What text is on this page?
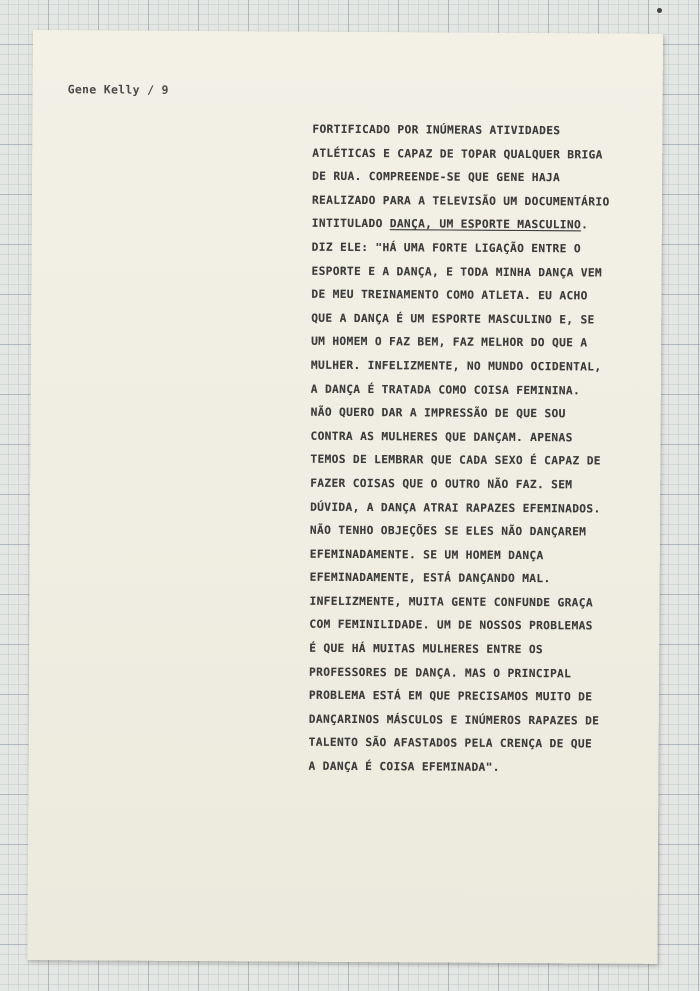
Gene Kelly / 9
FORTIFICADO POR INÚMERAS ATIVIDADES
ATLÉTICAS E CAPAZ DE TOPAR QUALQUER BRIGA
DE RUA. COMPREENDE-SE QUE GENE HAJA
REALIZADO PARA A TELEVISÃO UM DOCUMENTÁRIO
INTITULADO DANÇA, UM ESPORTE MASCULINO.
DIZ ELE: "HÁ UMA FORTE LIGAÇÃO ENTRE O
ESPORTE E A DANÇA, E TODA MINHA DANÇA VEM
DE MEU TREINAMENTO COMO ATLETA. EU ACHO
QUE A DANÇA É UM ESPORTE MASCULINO E, SE
UM HOMEM O FAZ BEM, FAZ MELHOR DO QUE A
MULHER. INFELIZMENTE, NO MUNDO OCIDENTAL,
A DANÇA É TRATADA COMO COISA FEMININA.
NÃO QUERO DAR A IMPRESSÃO DE QUE SOU
CONTRA AS MULHERES QUE DANÇAM. APENAS
TEMOS DE LEMBRAR QUE CADA SEXO É CAPAZ DE
FAZER COISAS QUE O OUTRO NÃO FAZ. SEM
DÚVIDA, A DANÇA ATRAI RAPAZES EFEMINADOS.
NÃO TENHO OBJEÇÕES SE ELES NÃO DANÇAREM
EFEMINADAMENTE. SE UM HOMEM DANÇA
EFEMINADAMENTE, ESTÁ DANÇANDO MAL.
INFELIZMENTE, MUITA GENTE CONFUNDE GRAÇA
COM FEMINILIDADE. UM DE NOSSOS PROBLEMAS
É QUE HÁ MUITAS MULHERES ENTRE OS
PROFESSORES DE DANÇA. MAS O PRINCIPAL
PROBLEMA ESTÁ EM QUE PRECISAMOS MUITO DE
DANÇARINOS MÁSCULOS E INÚMEROS RAPAZES DE
TALENTO SÃO AFASTADOS PELA CRENÇA DE QUE
A DANÇA É COISA EFEMINADA".
